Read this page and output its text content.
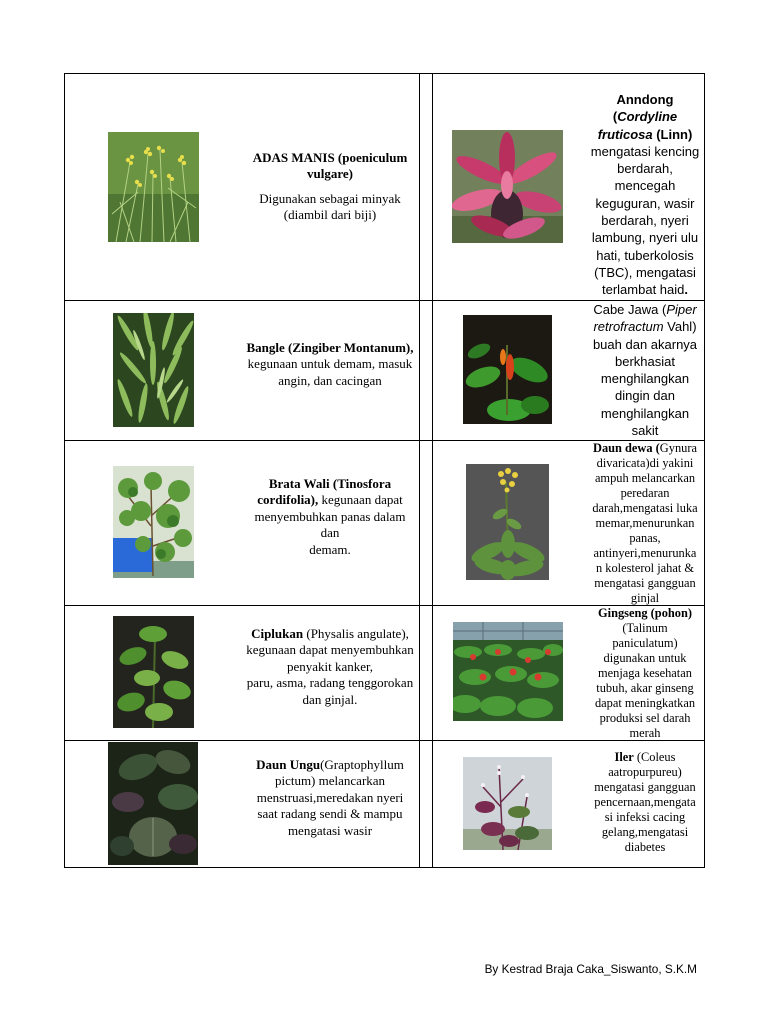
ADAS MANIS (poeniculum
vulgare)
Digunakan sebagai minyak
(diambil dari biji)
Anndong
(Cordyline
fruticosa (Linn)
mengatasi kencing
berdarah,
mencegah
keguguran, wasir
berdarah, nyeri
lambung, nyeri ulu
hati, tuberkolosis
(TBC), mengatasi
terlambat haid.
Bangle (Zingiber Montanum),
kegunaan untuk demam, masuk
angin, dan cacingan
Cabe Jawa (Piper
retrofractum Vahl)
buah dan akarnya
berkhasiat
menghilangkan
dingin dan
menghilangkan
sakit
Brata Wali (Tinosfora
cordifolia), kegunaan dapat
menyembuhkan panas dalam
dan
demam.
Daun dewa (Gynura
divaricata)di yakini
ampuh melancarkan
peredaran
darah,mengatasi luka
memar,menurunkan
panas,
antinyeri,menurunka
n kolesterol jahat &
mengatasi gangguan
ginjal
Ciplukan (Physalis angulate),
kegunaan dapat menyembuhkan
penyakit kanker,
paru, asma, radang tenggorokan
dan ginjal.
Gingseng (pohon)
(Talinum
paniculatum)
digunakan untuk
menjaga kesehatan
tubuh, akar ginseng
dapat meningkatkan
produksi sel darah
merah
Daun Ungu(Graptophyllum
pictum) melancarkan
menstruasi,meredakan nyeri
saat radang sendi & mampu
mengatasi wasir
Iler (Coleus
aatropurpureu)
mengatasi gangguan
pencernaan,mengata
si infeksi cacing
gelang,mengatasi
diabetes
By Kestrad Braja Caka_Siswanto, S.K.M
